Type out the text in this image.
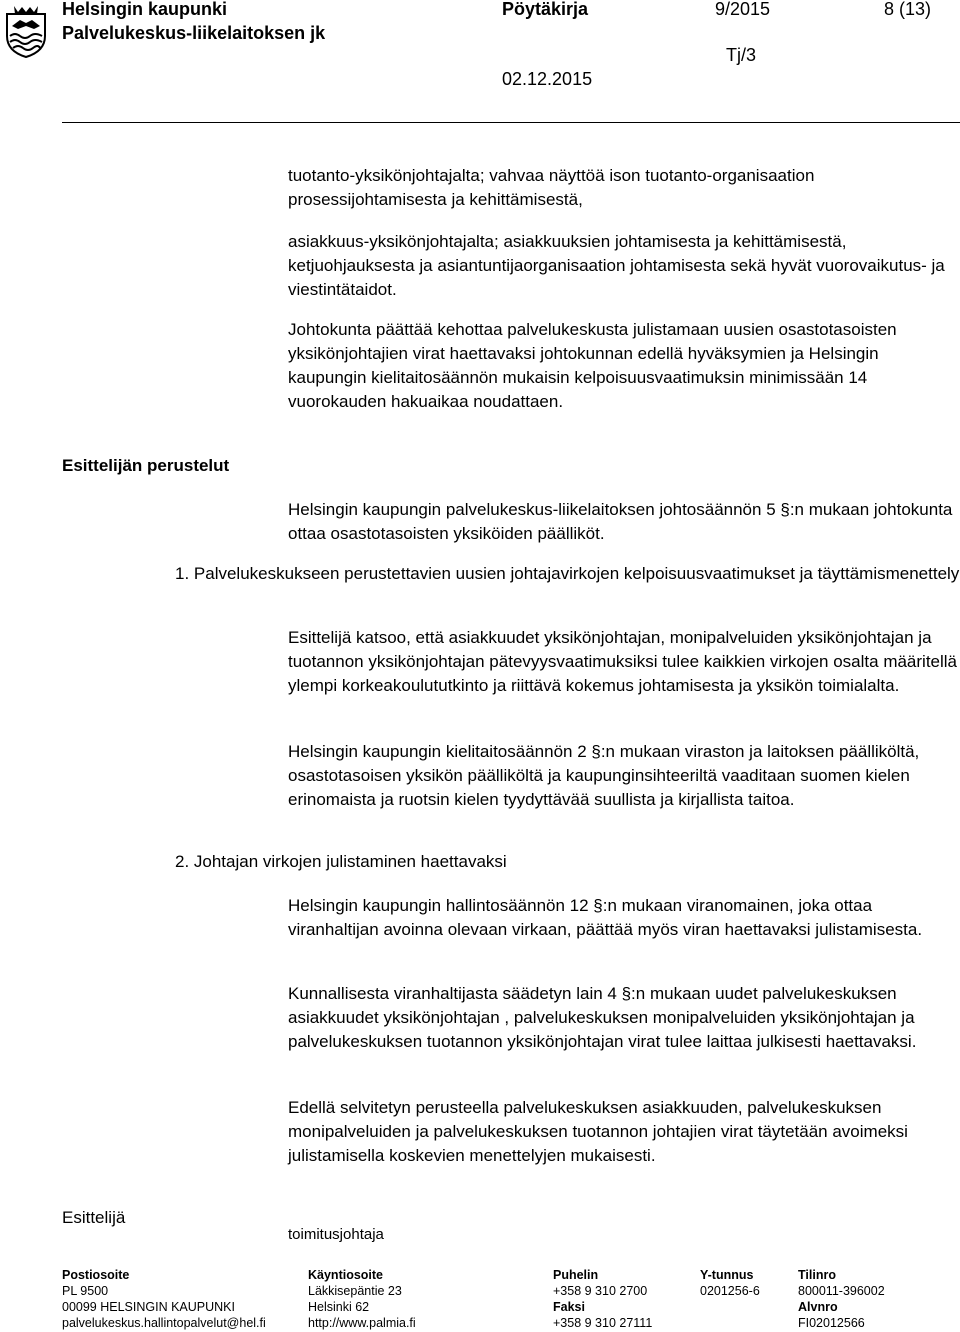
Helsingin kaupunki
Palvelukeskus-liikelaitoksen jk
Pöytäkirja	9/2015	8 (13)
Tj/3
02.12.2015

tuotanto-yksikönjohtajalta; vahvaa näyttöä ison tuotanto-organisaation prosessijohtamisesta ja kehittämisestä,

asiakkuus-yksikönjohtajalta; asiakkuuksien johtamisesta ja kehittämisestä, ketjuohjauksesta ja asiantuntijaorganisaation johtamisesta sekä hyvät vuorovaikutus- ja viestintätaidot.

Johtokunta päättää kehottaa palvelukeskusta julistamaan uusien osastotasoisten yksikönjohtajien virat haettavaksi johtokunnan edellä hyväksymien ja Helsingin kaupungin kielitaitosäännön mukaisin kelpoisuusvaatimuksin minimissään 14 vuorokauden hakuaikaa noudattaen.

Esittelijän perustelut

Helsingin kaupungin palvelukeskus-liikelaitoksen johtosäännön 5 §:n mukaan johtokunta ottaa osastotasoisten yksiköiden päälliköt.

1. Palvelukeskukseen perustettavien uusien johtajavirkojen kelpoisuusvaatimukset ja täyttämismenettely

Esittelijä katsoo, että asiakkuudet yksikönjohtajan, monipalveluiden yksikönjohtajan ja tuotannon yksikönjohtajan pätevyysvaatimuksiksi tulee kaikkien virkojen osalta määritellä ylempi korkeakoulututkinto ja riittävä kokemus johtamisesta ja yksikön toimialalta.

Helsingin kaupungin kielitaitosäännön 2 §:n mukaan viraston ja laitoksen päälliköltä, osastotasoisen yksikön päälliköltä ja kaupunginsihteeriltä vaaditaan suomen kielen erinomaista ja ruotsin kielen tyydyttävää suullista ja kirjallista taitoa.

2. Johtajan virkojen julistaminen haettavaksi

Helsingin kaupungin hallintosäännön 12 §:n mukaan viranomainen, joka ottaa viranhaltijan avoinna olevaan virkaan, päättää myös viran haettavaksi julistamisesta.

Kunnallisesta viranhaltijasta säädetyn lain 4 §:n mukaan uudet palvelukeskuksen asiakkuudet yksikönjohtajan , palvelukeskuksen monipalveluiden yksikönjohtajan ja palvelukeskuksen tuotannon yksikönjohtajan virat tulee laittaa julkisesti haettavaksi.

Edellä selvitetyn perusteella palvelukeskuksen asiakkuuden, palvelukeskuksen monipalveluiden ja palvelukeskuksen tuotannon johtajien virat täytetään avoimeksi julistamisella koskevien menettelyjen mukaisesti.

Esittelijä
toimitusjohtaja
Postiosoite
PL 9500
00099 HELSINGIN KAUPUNKI
palvelukeskus.hallintopalvelut@hel.fi
Käyntiosoite
Läkkisepäntie 23
Helsinki 62
http://www.palmia.fi
Puhelin
+358 9 310 2700
Faksi
+358 9 310 27111
Y-tunnus
0201256-6
Tilinro
800011-396002
Alvnro
FI02012566
